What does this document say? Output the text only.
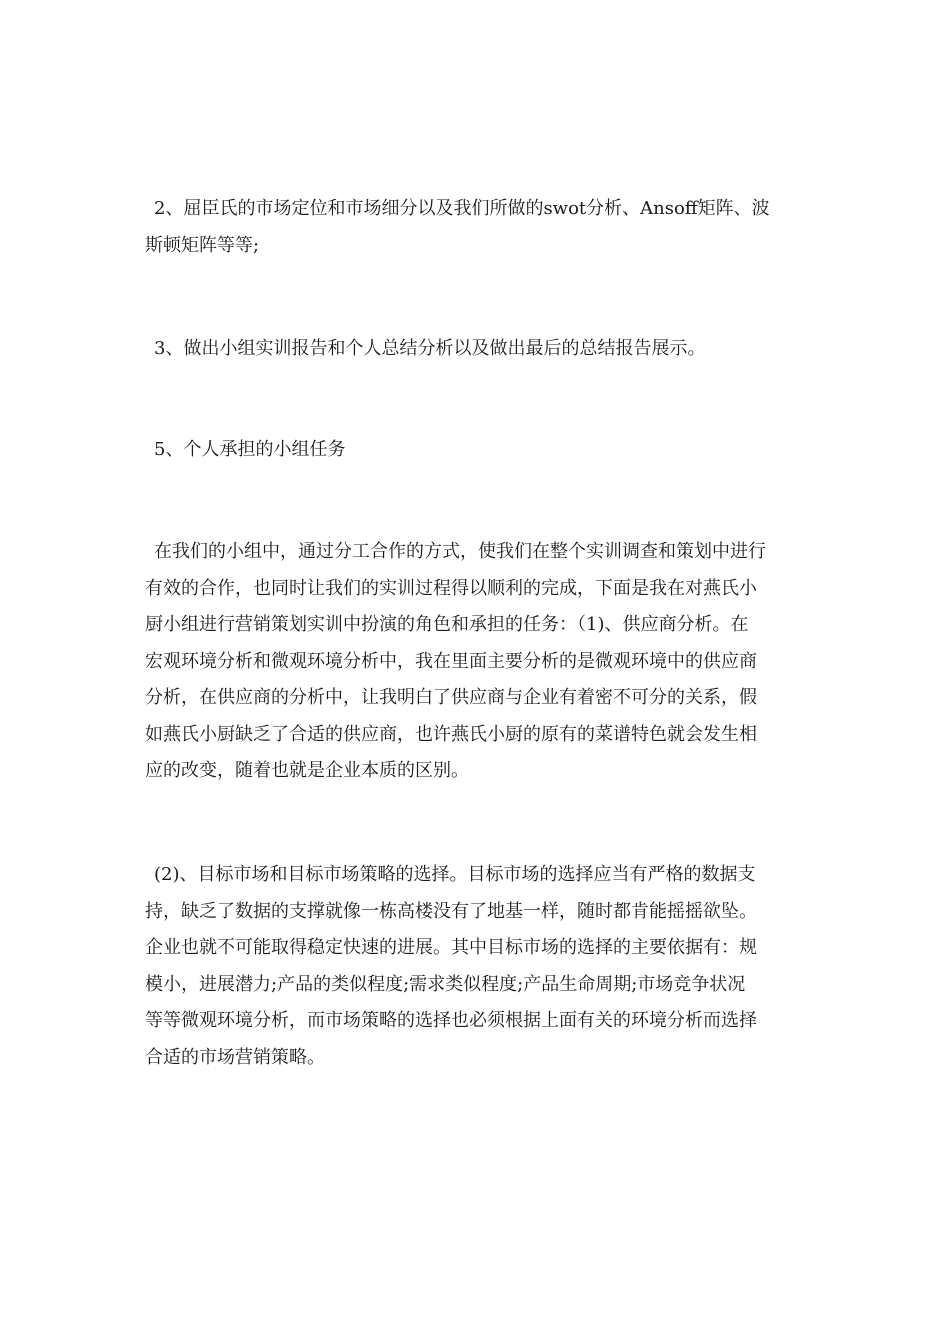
2、屈臣氏的市场定位和市场细分以及我们所做的swot分析、Ansoff矩阵、波
斯顿矩阵等等;
3、做出小组实训报告和个人总结分析以及做出最后的总结报告展示。
5、个人承担的小组任务
在我们的小组中，通过分工合作的方式，使我们在整个实训调查和策划中进行
有效的合作，也同时让我们的实训过程得以顺利的完成，下面是我在对燕氏小
厨小组进行营销策划实训中扮演的角色和承担的任务：（1)、供应商分析。在
宏观环境分析和微观环境分析中，我在里面主要分析的是微观环境中的供应商
分析，在供应商的分析中，让我明白了供应商与企业有着密不可分的关系，假
如燕氏小厨缺乏了合适的供应商，也许燕氏小厨的原有的菜谱特色就会发生相
应的改变，随着也就是企业本质的区别。
(2)、目标市场和目标市场策略的选择。目标市场的选择应当有严格的数据支
持，缺乏了数据的支撑就像一栋高楼没有了地基一样，随时都肯能摇摇欲坠。
企业也就不可能取得稳定快速的进展。其中目标市场的选择的主要依据有：规
模小，进展潜力;产品的类似程度;需求类似程度;产品生命周期;市场竞争状况
等等微观环境分析，而市场策略的选择也必须根据上面有关的环境分析而选择
合适的市场营销策略。
